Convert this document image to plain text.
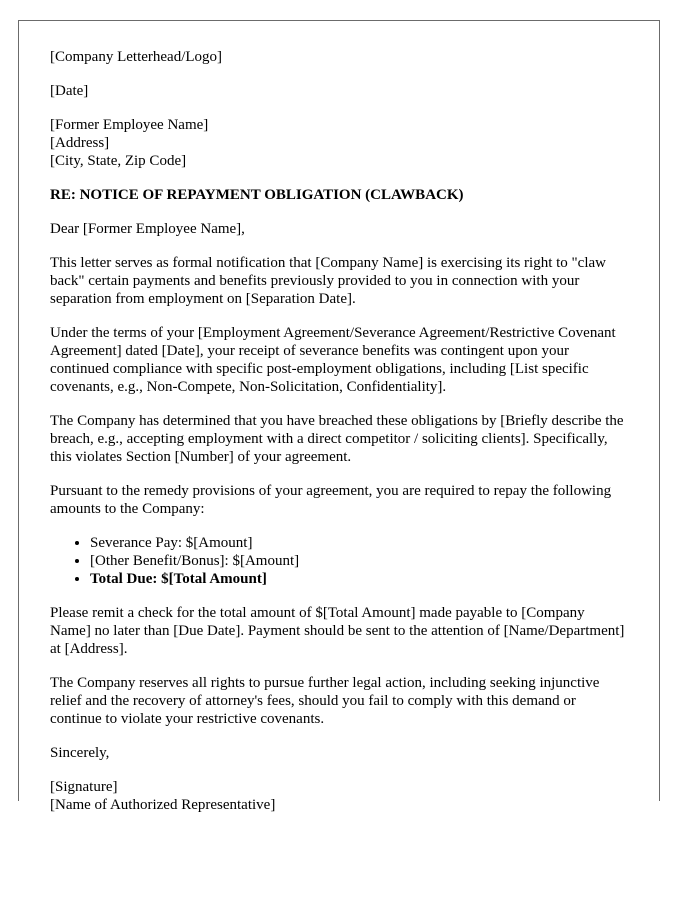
[Company Letterhead/Logo]

[Date]

[Former Employee Name]
[Address]
[City, State, Zip Code]

RE: NOTICE OF REPAYMENT OBLIGATION (CLAWBACK)

Dear [Former Employee Name],

This letter serves as formal notification that [Company Name] is exercising its right to "claw back" certain payments and benefits previously provided to you in connection with your separation from employment on [Separation Date].

Under the terms of your [Employment Agreement/Severance Agreement/Restrictive Covenant Agreement] dated [Date], your receipt of severance benefits was contingent upon your continued compliance with specific post-employment obligations, including [List specific covenants, e.g., Non-Compete, Non-Solicitation, Confidentiality].

The Company has determined that you have breached these obligations by [Briefly describe the breach, e.g., accepting employment with a direct competitor / soliciting clients]. Specifically, this violates Section [Number] of your agreement.

Pursuant to the remedy provisions of your agreement, you are required to repay the following amounts to the Company:

• Severance Pay: $[Amount]
• [Other Benefit/Bonus]: $[Amount]
• Total Due: $[Total Amount]

Please remit a check for the total amount of $[Total Amount] made payable to [Company Name] no later than [Due Date]. Payment should be sent to the attention of [Name/Department] at [Address].

The Company reserves all rights to pursue further legal action, including seeking injunctive relief and the recovery of attorney's fees, should you fail to comply with this demand or continue to violate your restrictive covenants.

Sincerely,

[Signature]
[Name of Authorized Representative]
